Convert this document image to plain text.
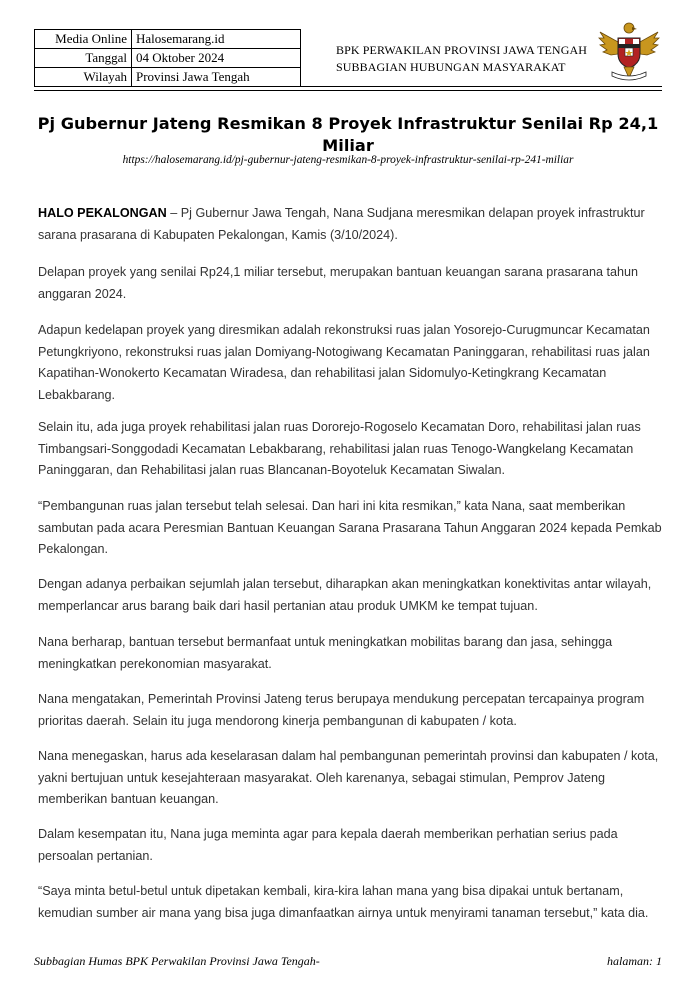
Media Online	Halosemarang.id
Tanggal	04 Oktober 2024
Wilayah	Provinsi Jawa Tengah
BPK PERWAKILAN PROVINSI JAWA TENGAH
SUBBAGIAN HUBUNGAN MASYARAKAT
Pj Gubernur Jateng Resmikan 8 Proyek Infrastruktur Senilai Rp 24,1 Miliar
https://halosemarang.id/pj-gubernur-jateng-resmikan-8-proyek-infrastruktur-senilai-rp-241-miliar

HALO PEKALONGAN – Pj Gubernur Jawa Tengah, Nana Sudjana meresmikan delapan proyek infrastruktur sarana prasarana di Kabupaten Pekalongan, Kamis (3/10/2024).

Delapan proyek yang senilai Rp24,1 miliar tersebut, merupakan bantuan keuangan sarana prasarana tahun anggaran 2024.

Adapun kedelapan proyek yang diresmikan adalah rekonstruksi ruas jalan Yosorejo-Curugmuncar Kecamatan Petungkriyono, rekonstruksi ruas jalan Domiyang-Notogiwang Kecamatan Paninggaran, rehabilitasi ruas jalan Kapatihan-Wonokerto Kecamatan Wiradesa, dan rehabilitasi jalan Sidomulyo-Ketingkrang Kecamatan Lebakbarang.

Selain itu, ada juga proyek rehabilitasi jalan ruas Dororejo-Rogoselo Kecamatan Doro, rehabilitasi jalan ruas Timbangsari-Songgodadi Kecamatan Lebakbarang, rehabilitasi jalan ruas Tenogo-Wangkelang Kecamatan Paninggaran, dan Rehabilitasi jalan ruas Blancanan-Boyoteluk Kecamatan Siwalan.

“Pembangunan ruas jalan tersebut telah selesai. Dan hari ini kita resmikan,” kata Nana, saat memberikan sambutan pada acara Peresmian Bantuan Keuangan Sarana Prasarana Tahun Anggaran 2024 kepada Pemkab Pekalongan.

Dengan adanya perbaikan sejumlah jalan tersebut, diharapkan akan meningkatkan konektivitas antar wilayah, memperlancar arus barang baik dari hasil pertanian atau produk UMKM ke tempat tujuan.

Nana berharap, bantuan tersebut bermanfaat untuk meningkatkan mobilitas barang dan jasa, sehingga meningkatkan perekonomian masyarakat.

Nana mengatakan, Pemerintah Provinsi Jateng terus berupaya mendukung percepatan tercapainya program prioritas daerah. Selain itu juga mendorong kinerja pembangunan di kabupaten / kota.

Nana menegaskan, harus ada keselarasan dalam hal pembangunan pemerintah provinsi dan kabupaten / kota, yakni bertujuan untuk kesejahteraan masyarakat. Oleh karenanya, sebagai stimulan, Pemprov Jateng memberikan bantuan keuangan.

Dalam kesempatan itu, Nana juga meminta agar para kepala daerah memberikan perhatian serius pada persoalan pertanian.

“Saya minta betul-betul untuk dipetakan kembali, kira-kira lahan mana yang bisa dipakai untuk bertanam, kemudian sumber air mana yang bisa juga dimanfaatkan airnya untuk menyirami tanaman tersebut,” kata dia.

Subbagian Humas BPK Perwakilan Provinsi Jawa Tengah-	halaman: 1
